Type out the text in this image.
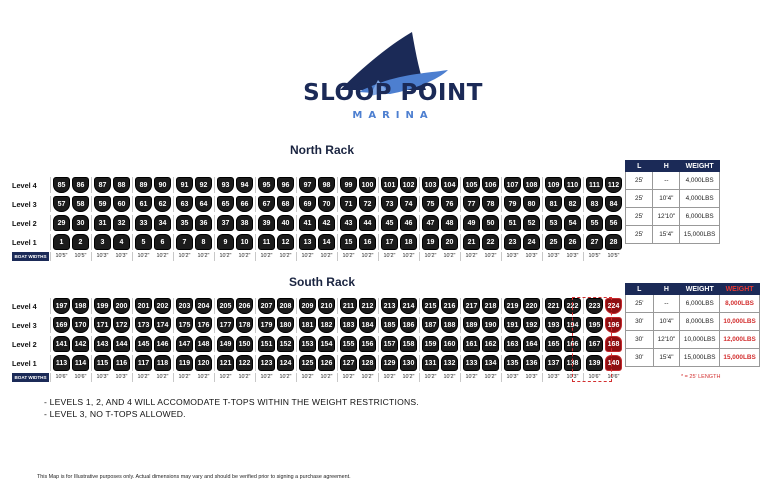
SLOOP POINT
MARINA
North Rack
South Rack
Level 4	85	86	87	88	89	90	91	92	93	94	95	96	97	98	99	100	101	102	103	104	105	106	107	108	109	110	111	112
Level 3	57	58	59	60	61	62	63	64	65	66	67	68	69	70	71	72	73	74	75	76	77	78	79	80	81	82	83	84
Level 2	29	30	31	32	33	34	35	36	37	38	39	40	41	42	43	44	45	46	47	48	49	50	51	52	53	54	55	56
Level 1	1	2	3	4	5	6	7	8	9	10	11	12	13	14	15	16	17	18	19	20	21	22	23	24	25	26	27	28
BOAT WIDTHS	10'5"	10'5"	10'3"	10'3"	10'2"	10'2"	10'2"	10'2"	10'2"	10'2"	10'2"	10'2"	10'2"	10'2"	10'2"	10'2"	10'2"	10'2"	10'2"	10'2"	10'2"	10'2"	10'3"	10'3"	10'3"	10'3"	10'5"	10'5"
Level 4	197	198	199	200	201	202	203	204	205	206	207	208	209	210	211	212	213	214	215	216	217	218	219	220	221	222	223	224
Level 3	169	170	171	172	173	174	175	176	177	178	179	180	181	182	183	184	185	186	187	188	189	190	191	192	193	194	195	196
Level 2	141	142	143	144	145	146	147	148	149	150	151	152	153	154	155	156	157	158	159	160	161	162	163	164	165	166	167	168
Level 1	113	114	115	116	117	118	119	120	121	122	123	124	125	126	127	128	129	130	131	132	133	134	135	136	137	138	139	140
BOAT WIDTHS	10'6"	10'6"	10'3"	10'3"	10'2"	10'2"	10'2"	10'2"	10'2"	10'2"	10'2"	10'2"	10'2"	10'2"	10'2"	10'2"	10'2"	10'2"	10'2"	10'2"	10'2"	10'2"	10'3"	10'3"	10'3"	10'3"	10'6"	10'6"
L	H	WEIGHT
25'	--	4,000LBS
25'	10'4"	4,000LBS
25'	12'10"	6,000LBS
25'	15'4"	15,000LBS
L	H	WEIGHT	WEIGHT
25'	--	6,000LBS	8,000LBS
30'	10'4"	8,000LBS	10,000LBS
30'	12'10"	10,000LBS	12,000LBS
30'	15'4"	15,000LBS	15,000LBS
* = 25' LENGTH
- LEVELS 1, 2, AND 4 WILL ACCOMODATE T-TOPS WITHIN THE WEIGHT RESTRICTIONS.
- LEVEL 3, NO T-TOPS ALLOWED.
This Map is for Illustrative purposes only. Actual dimensions may vary and should be verified prior to signing a purchase agreement.
